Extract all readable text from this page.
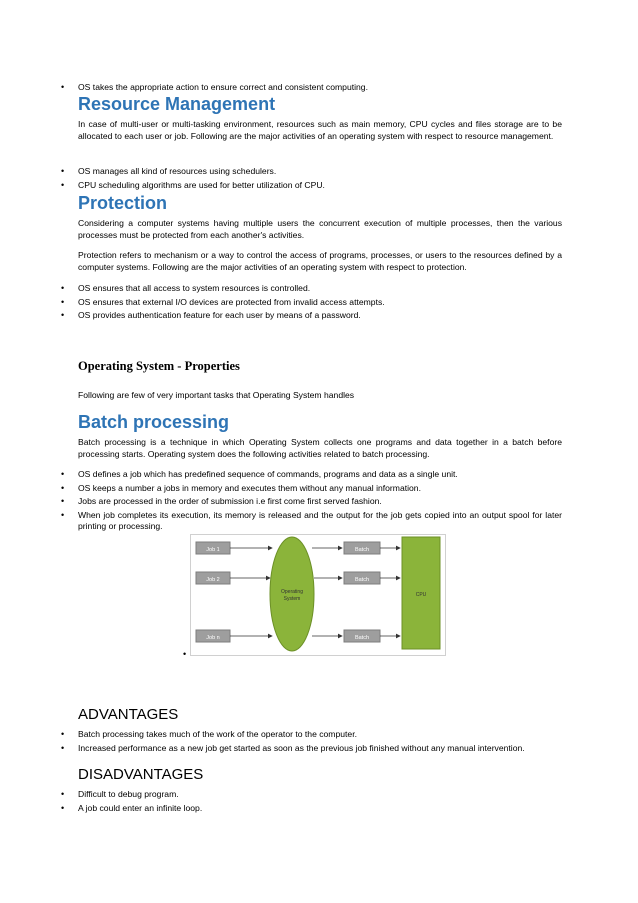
• OS takes the appropriate action to ensure correct and consistent computing.
Resource Management

In case of multi-user or multi-tasking environment, resources such as main memory, CPU cycles and files storage are to be allocated to each user or job. Following are the major activities of an operating system with respect to resource management.

• OS manages all kind of resources using schedulers.
• CPU scheduling algorithms are used for better utilization of CPU.
Protection

Considering a computer systems having multiple users the concurrent execution of multiple processes, then the various processes must be protected from each another's activities.

Protection refers to mechanism or a way to control the access of programs, processes, or users to the resources defined by a computer systems. Following are the major activities of an operating system with respect to protection.

• OS ensures that all access to system resources is controlled.
• OS ensures that external I/O devices are protected from invalid access attempts.
• OS provides authentication feature for each user by means of a password.
Operating System - Properties

Following are few of very important tasks that Operating System handles

Batch processing

Batch processing is a technique in which Operating System collects one programs and data together in a batch before processing starts. Operating system does the following activities related to batch processing.

• OS defines a job which has predefined sequence of commands, programs and data as a single unit.
• OS keeps a number a jobs in memory and executes them without any manual information.
• Jobs are processed in the order of submission i.e first come first served fashion.
• When job completes its execution, its memory is released and the output for the job gets copied into an output spool for later printing or processing.
Job 1
Job 2
Job n
Operating
System
Batch
Batch
Batch
CPU
•
ADVANTAGES
• Batch processing takes much of the work of the operator to the computer.
• Increased performance as a new job get started as soon as the previous job finished without any manual intervention.
DISADVANTAGES
• Difficult to debug program.
• A job could enter an infinite loop.
